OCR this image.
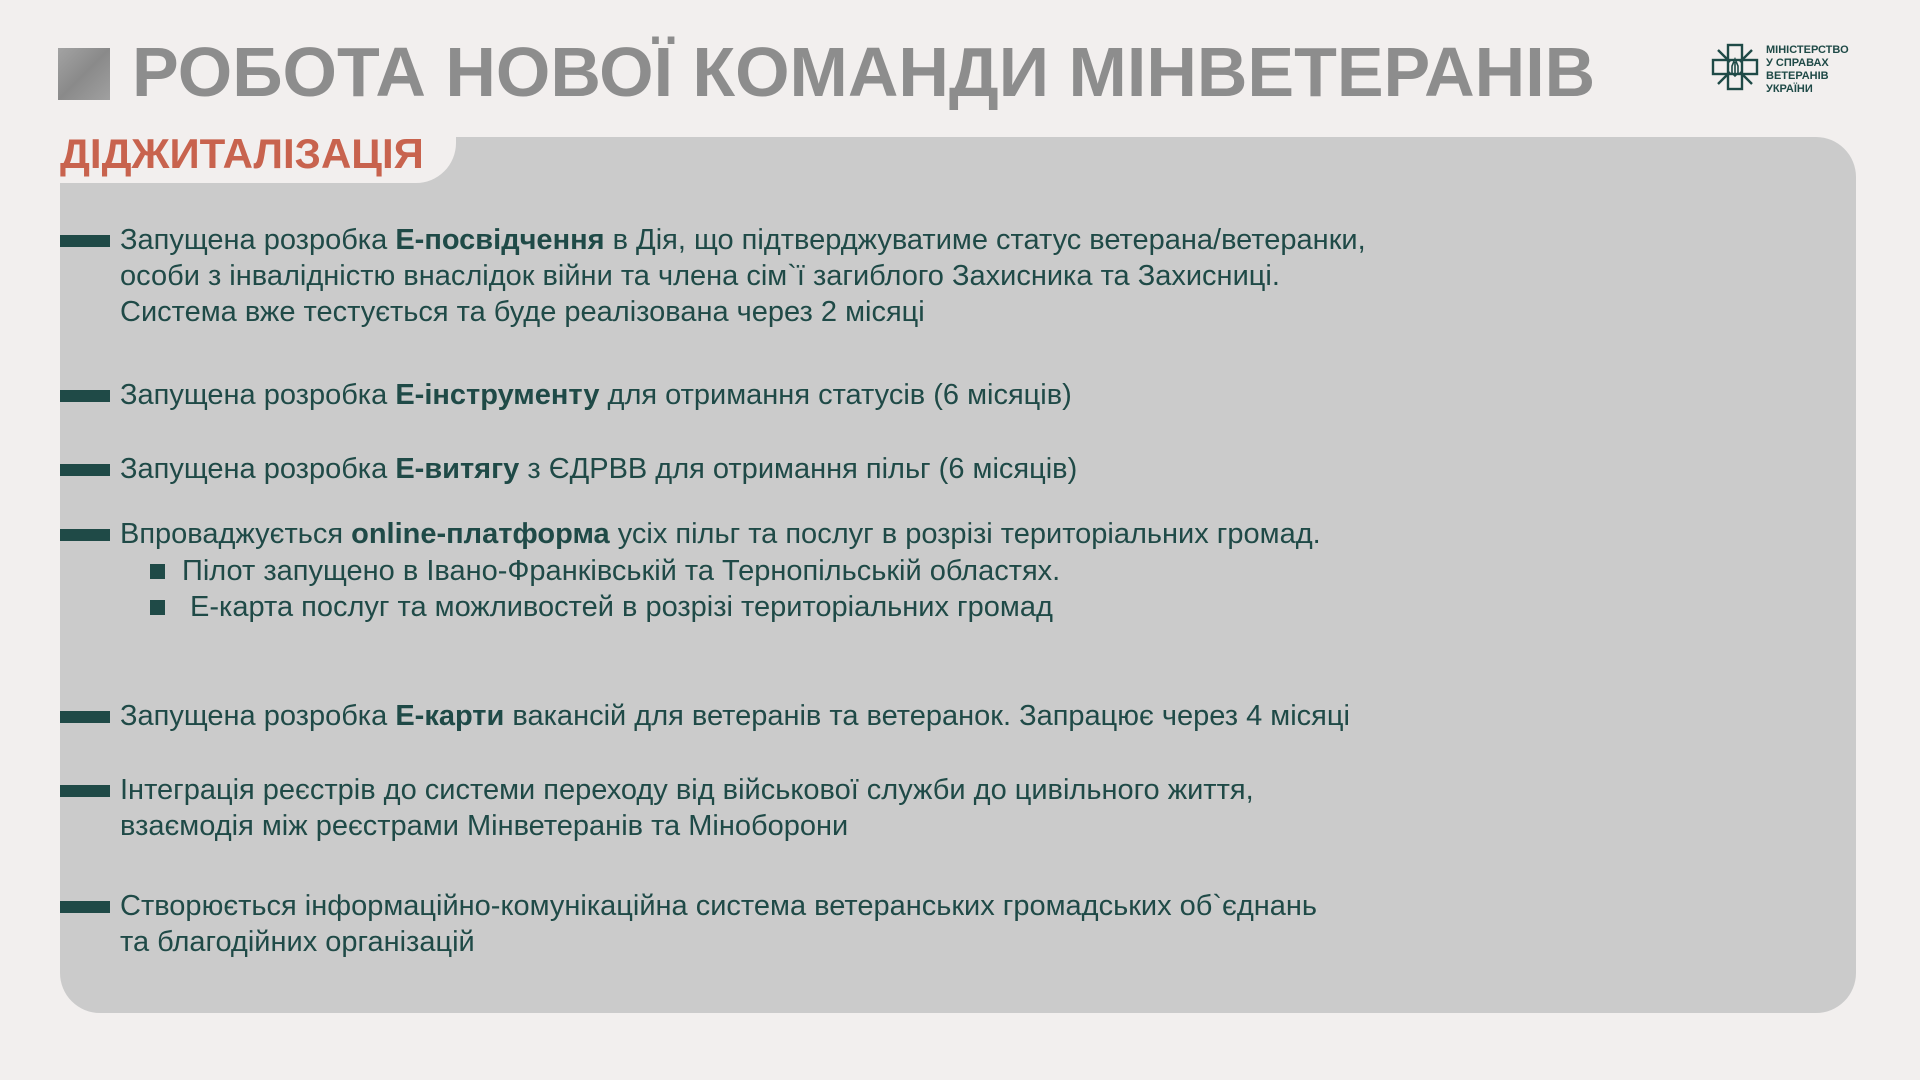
РОБОТА НОВОЇ КОМАНДИ МІНВЕТЕРАНІВ	МІНІСТЕРСТВО
У СПРАВАХ
ВЕТЕРАНІВ
УКРАЇНИ
ДІДЖИТАЛІЗАЦІЯ
Запущена розробка Е-посвідчення в Дія, що підтверджуватиме статус ветерана/ветеранки,
особи з інвалідністю внаслідок війни та члена сім`ї загиблого Захисника та Захисниці.
Система вже тестується та буде реалізована через 2 місяці
Запущена розробка Е-інструменту для отримання статусів (6 місяців)
Запущена розробка Е-витягу з ЄДРВВ для отримання пільг (6 місяців)
Впроваджується online-платформа усіх пільг та послуг в розрізі територіальних громад.
Пілот запущено в Івано-Франківській та Тернопільській областях.
Е-карта послуг та можливостей в розрізі територіальних громад
Запущена розробка Е-карти вакансій для ветеранів та ветеранок. Запрацює через 4 місяці
Інтеграція реєстрів до системи переходу від військової служби до цивільного життя,
взаємодія між реєстрами Мінветеранів та Міноборони
Створюється інформаційно-комунікаційна система ветеранських громадських об`єднань
та благодійних організацій
